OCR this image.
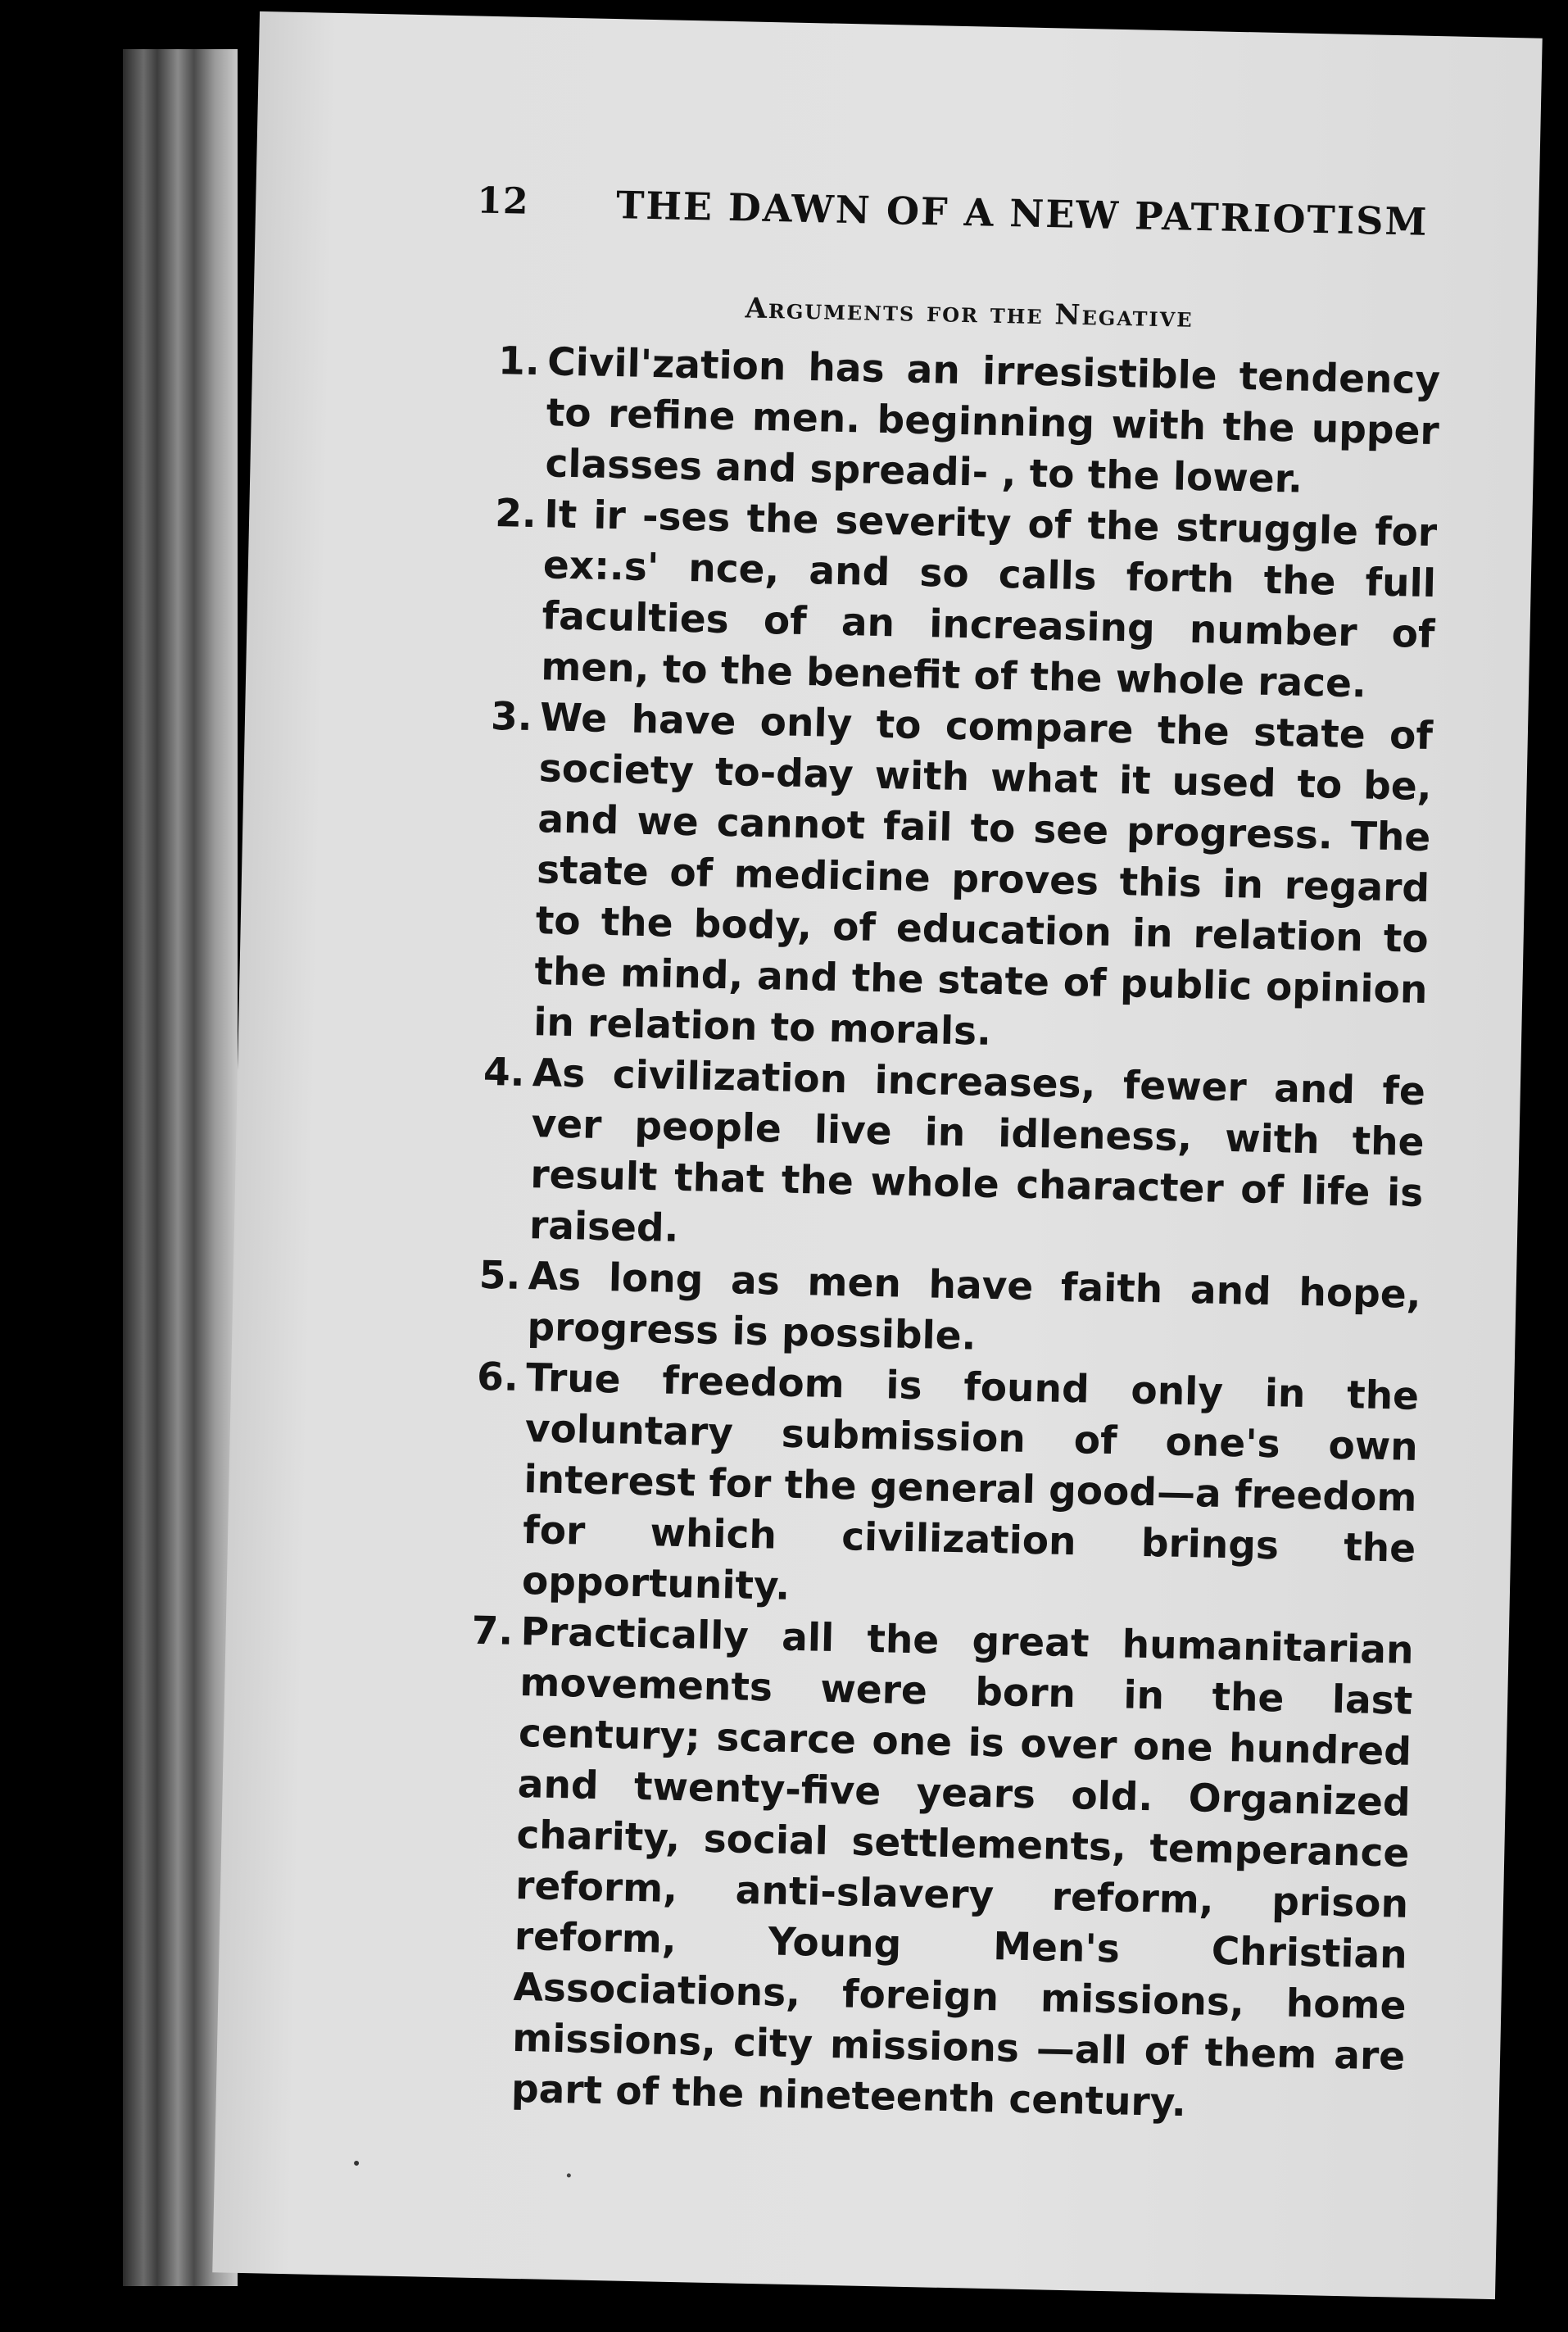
12 THE DAWN OF A NEW PATRIOTISM
Arguments for the Negative
1. Civil'zation has an irresistible tendency to refine men. beginning with the upper classes and spreadi- , to the lower.
2. It ir -ses the severity of the struggle for ex:.s' nce, and so calls forth the full faculties of an increasing number of men, to the benefit of the whole race.
3. We have only to compare the state of society to-day with what it used to be, and we cannot fail to see progress. The state of medicine proves this in regard to the body, of education in relation to the mind, and the state of public opinion in relation to morals.
4. As civilization increases, fewer and fe ver people live in idleness, with the result that the whole character of life is raised.
5. As long as men have faith and hope, progress is possible.
6. True freedom is found only in the voluntary submission of one's own interest for the general good—a freedom for which civilization brings the opportunity.
7. Practically all the great humanitarian movements were born in the last century; scarce one is over one hundred and twenty-five years old. Organized charity, social settlements, temperance reform, anti-slavery reform, prison reform, Young Men's Christian Associations, foreign missions, home missions, city missions —all of them are part of the nineteenth century.
